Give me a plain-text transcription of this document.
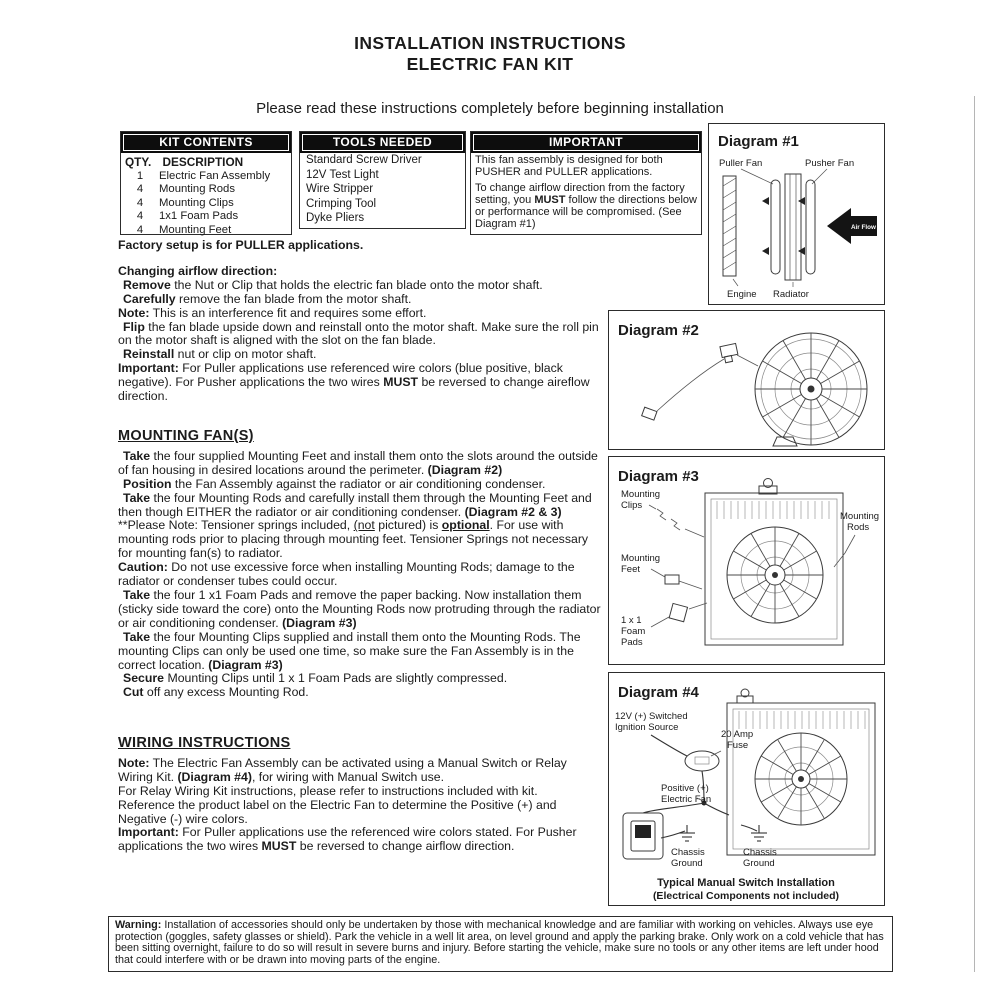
INSTALLATION INSTRUCTIONS
ELECTRIC FAN KIT
Please read these instructions completely before beginning installation
KIT CONTENTS
QTY. DESCRIPTION
1 Electric Fan Assembly
4 Mounting Rods
4 Mounting Clips
4 1x1 Foam Pads
4 Mounting Feet
TOOLS NEEDED
Standard Screw Driver
12V Test Light
Wire Stripper
Crimping Tool
Dyke Pliers
IMPORTANT

This fan assembly is designed for both PUSHER and PULLER applications.

To change airflow direction from the factory setting, you MUST follow the directions below or performance will be compromised. (See Diagram #1)

Factory setup is for PULLER applications.

Changing airflow direction:

Remove the Nut or Clip that holds the electric fan blade onto the motor shaft.

Carefully remove the fan blade from the motor shaft.

Note: This is an interference fit and requires some effort.

Flip the fan blade upside down and reinstall onto the motor shaft. Make sure the roll pin on the motor shaft is aligned with the slot on the fan blade.

Reinstall nut or clip on motor shaft.

Important: For Puller applications use referenced wire colors (blue positive, black negative). For Pusher applications the two wires MUST be reversed to change aireflow direction.

MOUNTING FAN(S)

Take the four supplied Mounting Feet and install them onto the slots around the outside of fan housing in desired locations around the perimeter. (Diagram #2)

Position the Fan Assembly against the radiator or air conditioning condenser.

Take the four Mounting Rods and carefully install them through the Mounting Feet and then though EITHER the radiator or air conditioning condenser. (Diagram #2 & 3) **Please Note: Tensioner springs included, (not pictured) is optional. For use with mounting rods prior to placing through mounting feet. Tensioner Springs not necessary for mounting fan(s) to radiator.

Caution: Do not use excessive force when installing Mounting Rods; damage to the radiator or condenser tubes could occur.

Take the four 1 x1 Foam Pads and remove the paper backing. Now installation them (sticky side toward the core) onto the Mounting Rods now protruding through the radiator or air conditioning condenser. (Diagram #3)

Take the four Mounting Clips supplied and install them onto the Mounting Rods. The mounting Clips can only be used one time, so make sure the Fan Assembly is in the correct location. (Diagram #3)

Secure Mounting Clips until 1 x 1 Foam Pads are slightly compressed.

Cut off any excess Mounting Rod.

WIRING INSTRUCTIONS

Note: The Electric Fan Assembly can be activated using a Manual Switch or Relay Wiring Kit. (Diagram #4), for wiring with Manual Switch use.

For Relay Wiring Kit instructions, please refer to instructions included with kit.

Reference the product label on the Electric Fan to determine the Positive (+) and Negative (-) wire colors.

Important: For Puller applications use the referenced wire colors stated. For Pusher applications the two wires MUST be reversed to change airflow direction.

Diagram #1
Puller Fan	Pusher Fan
Air Flow
Engine Radiator
Diagram #2
Diagram #3
Mounting
Clips
Mounting
Rods
Mounting
Feet
1 x 1
Foam
Pads
Diagram #4
12V (+) Switched
Ignition Source
20 Amp
Fuse
Positive (+)
Electric Fan
Chassis
Ground
Chassis
Ground
Typical Manual Switch Installation
(Electrical Components not included)
Warning: Installation of accessories should only be undertaken by those with mechanical knowledge and are familiar with working on vehicles. Always use eye protection (goggles, safety glasses or shield). Park the vehicle in a well lit area, on level ground and apply the parking brake. Only work on a cold vehicle that has been sitting overnight, failure to do so will result in severe burns and injury. Before starting the vehicle, make sure no tools or any other items are left under hood that could interfere with or be drawn into moving parts of the engine.
